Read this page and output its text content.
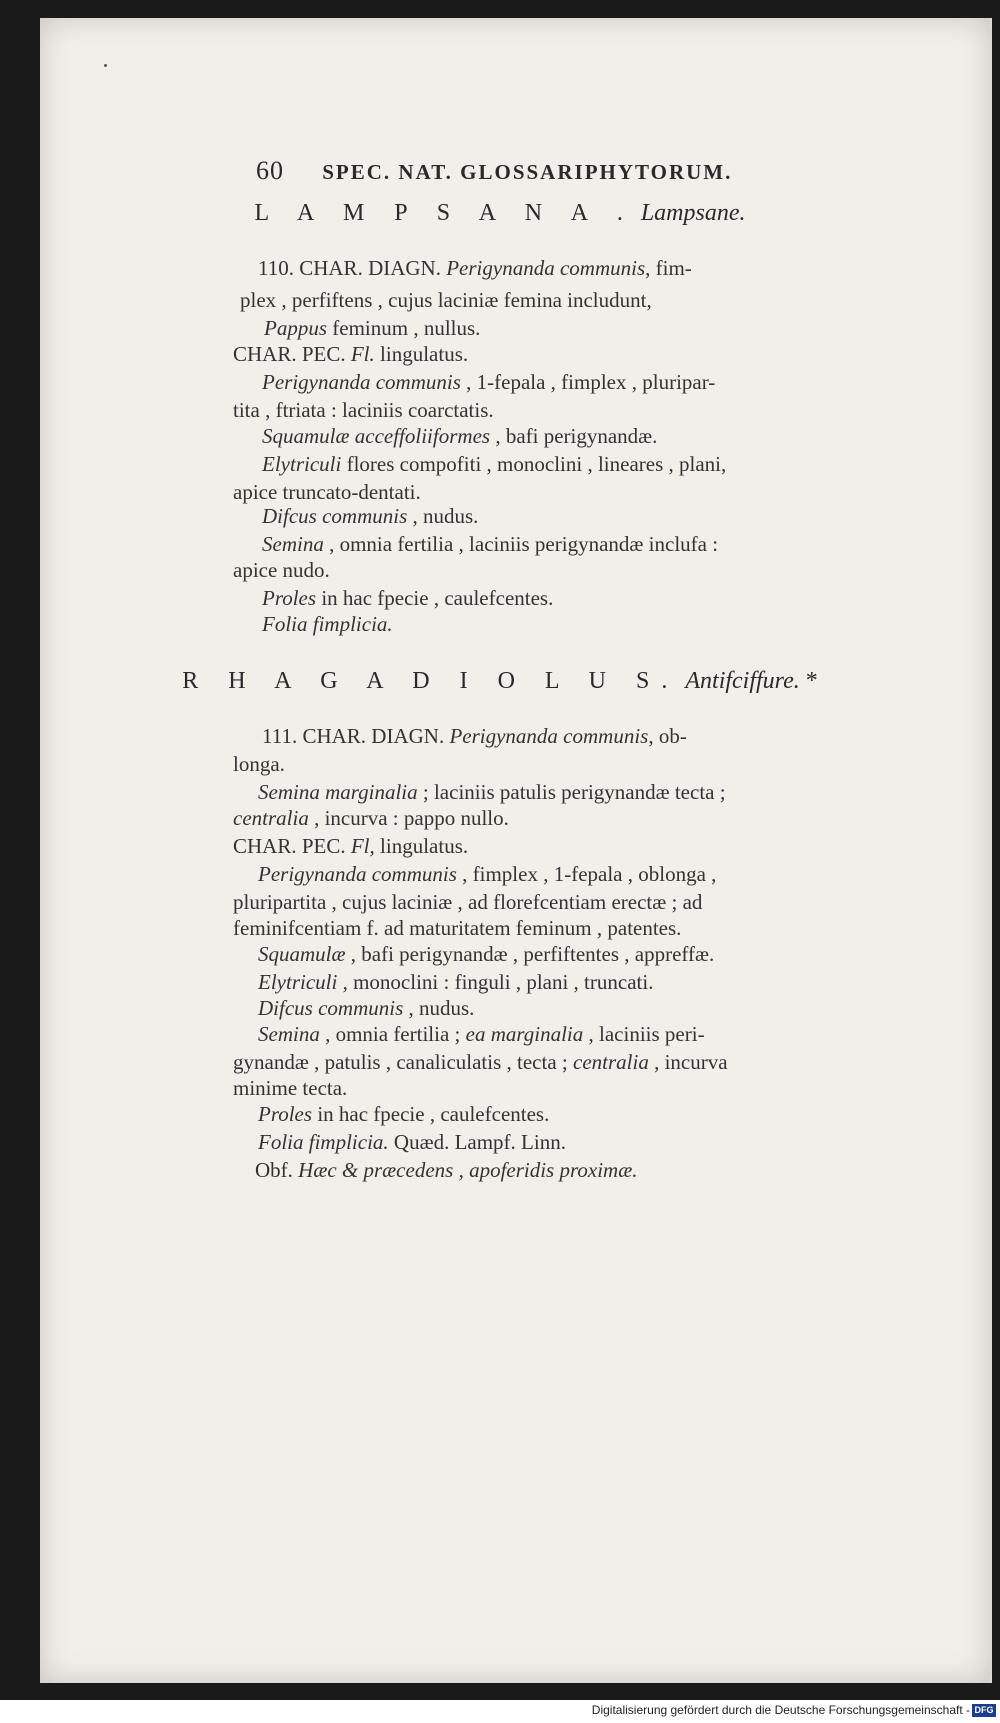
60 SPEC. NAT. GLOSSARIPHYTORUM.
L A M P S A N A . Lampsane.
110. CHAR. DIAGN. Perigynanda communis, fim-
plex , perfiftens , cujus laciniæ femina includunt,
Pappus feminum , nullus.
CHAR. PEC. Fl. lingulatus.
Perigynanda communis , 1-fepala , fimplex , pluripar-
tita , ftriata : laciniis coarctatis.
Squamulæ acceffoliiformes , bafi perigynandæ.
Elytriculi flores compofiti , monoclini , lineares , plani,
apice truncato-dentati.
Difcus communis , nudus.
Semina , omnia fertilia , laciniis perigynandæ inclufa :
apice nudo.
Proles in hac fpecie , caulefcentes.
Folia fimplicia.
R H A G A D I O L U S. Antifciffure. *
111. CHAR. DIAGN. Perigynanda communis, ob-
longa.
Semina marginalia ; laciniis patulis perigynandæ tecta ;
centralia , incurva : pappo nullo.
CHAR. PEC. Fl, lingulatus.
Perigynanda communis , fimplex , 1-fepala , oblonga ,
pluripartita , cujus laciniæ , ad florefcentiam erectæ ; ad
feminifcentiam f. ad maturitatem feminum , patentes.
Squamulæ , bafi perigynandæ , perfiftentes , appreffæ.
Elytriculi , monoclini : finguli , plani , truncati.
Difcus communis , nudus.
Semina , omnia fertilia ; ea marginalia , laciniis peri-
gynandæ , patulis , canaliculatis , tecta ; centralia , incurva
minime tecta.
Proles in hac fpecie , caulefcentes.
Folia fimplicia. Quæd. Lampf. Linn.
Obf. Hæc & præcedens , apoferidis proximæ.
Digitalisierung gefördert durch die Deutsche Forschungsgemeinschaft - DFG
